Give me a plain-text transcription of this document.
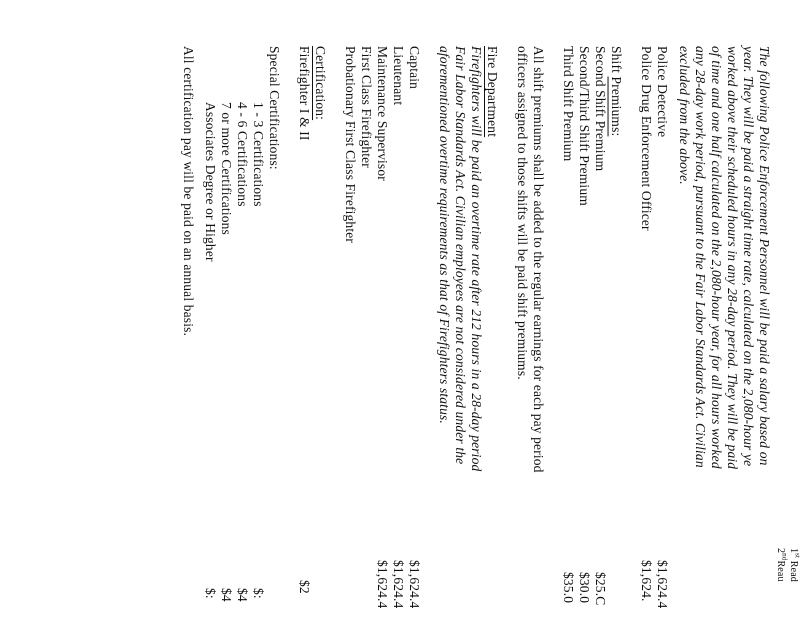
1st Read
2ndReau
The following Police Enforcement Personnel will be paid a salary based on
year. They will be paid a straight time rate, calculated on the 2,080-hour ye
worked above their scheduled hours in any 28-day period. They will be paid
of time and one half calculated on the 2,080-hour year, for all hours worked
any 28-day work period, pursuant to the Fair Labor Standards Act. Civilian
excluded from the above.
Police Detective
$1,624.4
Police Drug Enforcement Officer
$1,624.
Shift Premiums:
Second Shift Premium
$25.C
Second/Third Shift Premium
$30.0
Third Shift Premium
$35.0
All shift premiums shall be added to the regular earnings for each pay period
officers assigned to those shifts will be paid shift premiums.
Fire Department
Firefighters will be paid an overtime rate after 212 hours in a 28-day period
Fair Labor Standards Act. Civilian employees are not considered under the
aforementioned overtime requirements as that of Firefighters status.
Captain
$1,624.4
Lieutenant
$1,624.4
Maintenance Supervisor
$1,624.4
First Class Firefighter
Probationary First Class Firefighter
Certification:
Firefighter I & II
$2
Special Certifications:
1 - 3 Certifications
$:
4 - 6 Certifications
$4
7 or more Certifications
$4
Associates Degree or Higher
$:
All certification pay will be paid on an annual basis.
